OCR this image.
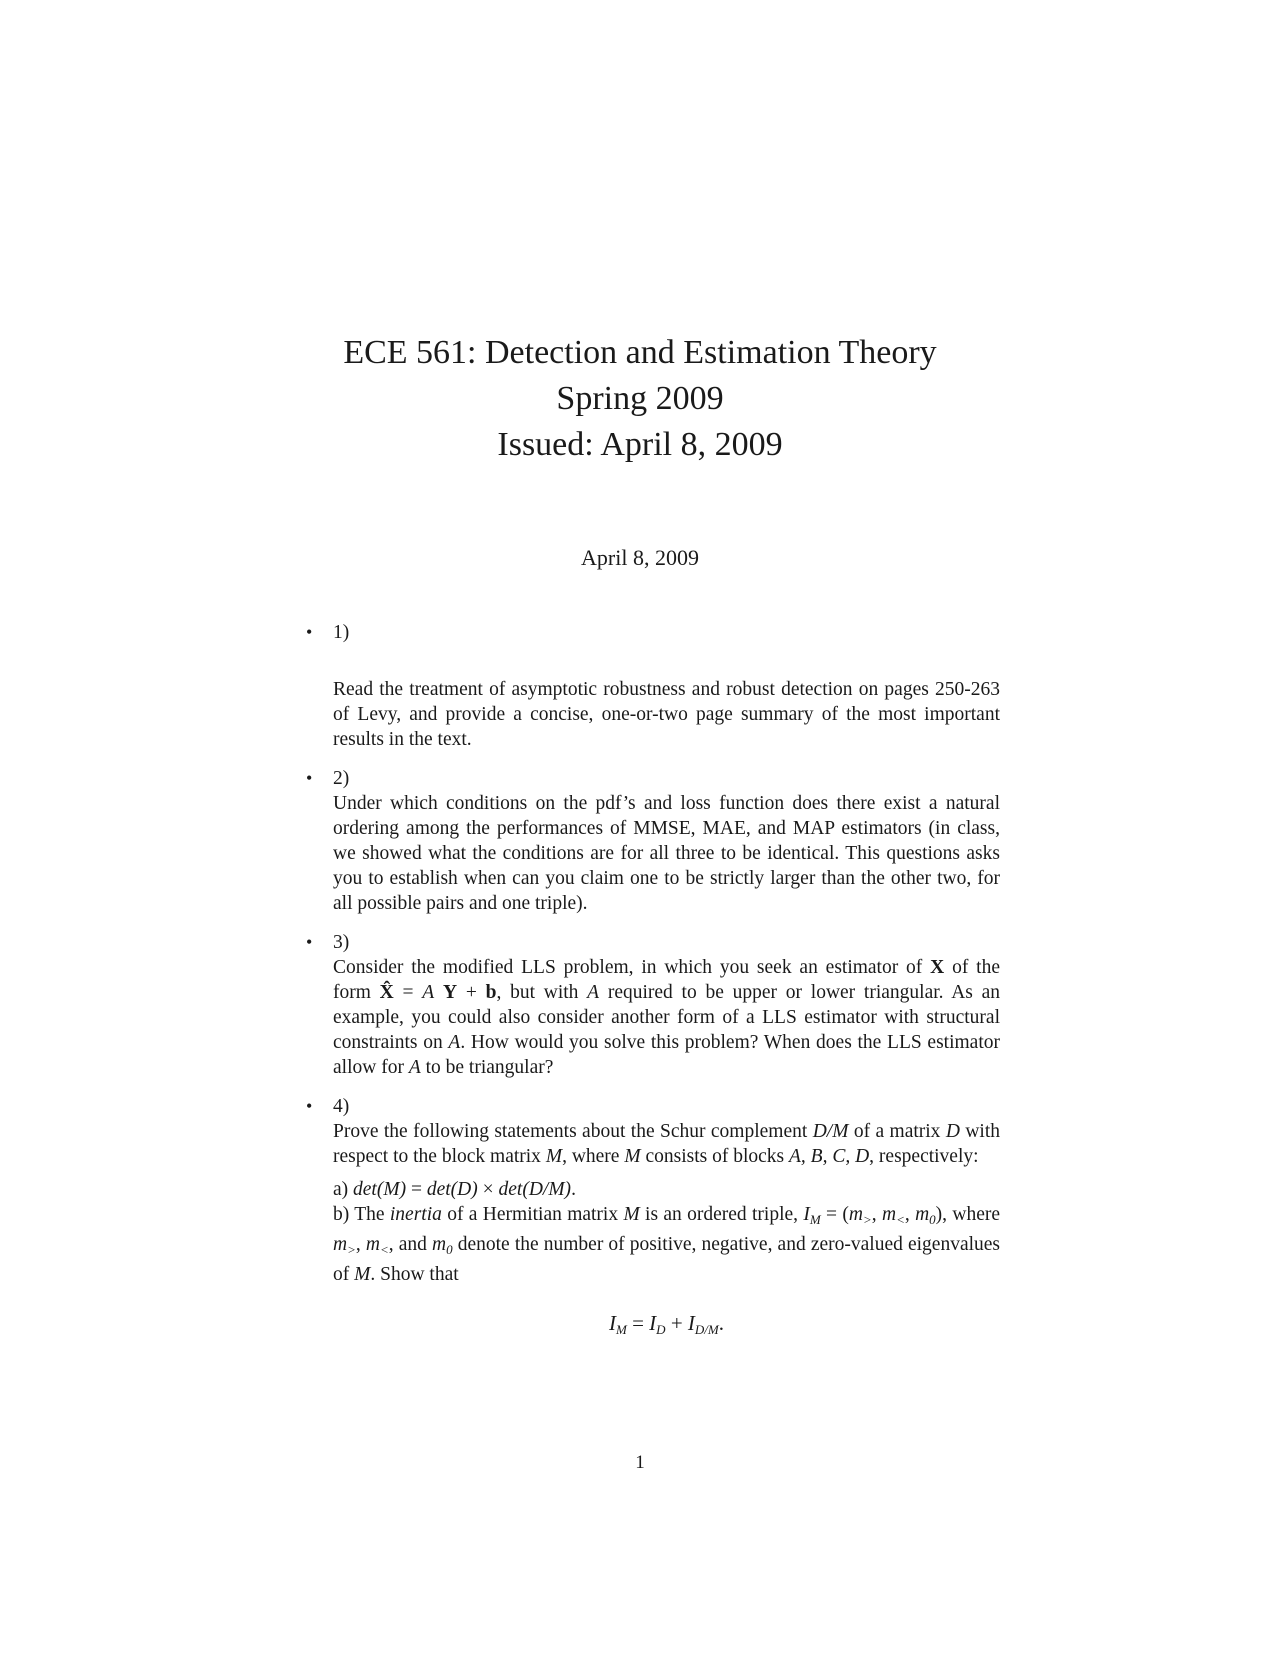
ECE 561: Detection and Estimation Theory
Spring 2009
Issued: April 8, 2009
April 8, 2009
• 1)
Read the treatment of asymptotic robustness and robust detection on pages 250-263 of Levy, and provide a concise, one-or-two page summary of the most important results in the text.
• 2)
Under which conditions on the pdf’s and loss function does there exist a natural ordering among the performances of MMSE, MAE, and MAP estimators (in class, we showed what the conditions are for all three to be identical. This questions asks you to establish when can you claim one to be strictly larger than the other two, for all possible pairs and one triple).
• 3)
Consider the modified LLS problem, in which you seek an estimator of X of the form X̂ = A Y + b, but with A required to be upper or lower triangular. As an example, you could also consider another form of a LLS estimator with structural constraints on A. How would you solve this problem? When does the LLS estimator allow for A to be triangular?
• 4)
Prove the following statements about the Schur complement D/M of a matrix D with respect to the block matrix M, where M consists of blocks A, B, C, D, respectively:
a) det(M) = det(D) × det(D/M).
b) The inertia of a Hermitian matrix M is an ordered triple, $I_M = (m_>$, $m_<$, $m_0$), where $m_>$, $m_<$, and $m_0$ denote the number of positive, negative, and zero-valued eigenvalues of M. Show that
$I_M = I_D + I_{D/M}$.
1
